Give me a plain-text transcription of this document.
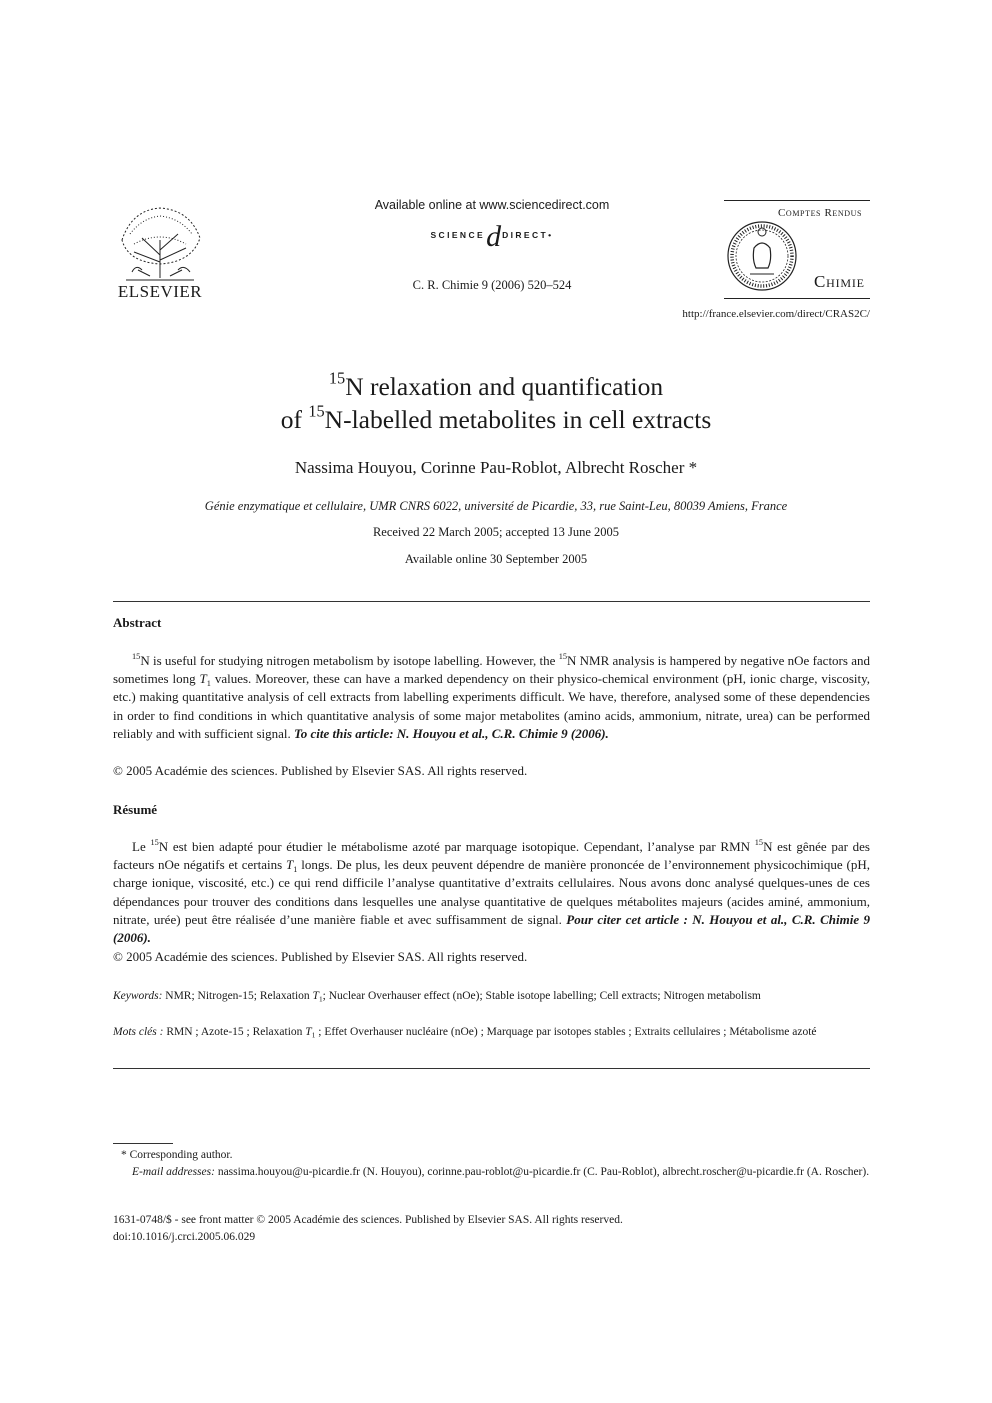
ELSEVIER
Available online at www.sciencedirect.com
SCIENCEdDIRECT•
C. R. Chimie 9 (2006) 520–524
Comptes Rendus
Chimie
http://france.elsevier.com/direct/CRAS2C/
$^{15}$N relaxation and quantification
of $^{15}$N-labelled metabolites in cell extracts
Nassima Houyou, Corinne Pau-Roblot, Albrecht Roscher *
Génie enzymatique et cellulaire, UMR CNRS 6022, université de Picardie, 33, rue Saint-Leu, 80039 Amiens, France
Received 22 March 2005; accepted 13 June 2005
Available online 30 September 2005
Abstract
$^{15}$N is useful for studying nitrogen metabolism by isotope labelling. However, the $^{15}$N NMR analysis is hampered by negative nOe factors and sometimes long $T_1$ values. Moreover, these can have a marked dependency on their physico-chemical environment (pH, ionic charge, viscosity, etc.) making quantitative analysis of cell extracts from labelling experiments difficult. We have, therefore, analysed some of these dependencies in order to find conditions in which quantitative analysis of some major metabolites (amino acids, ammonium, nitrate, urea) can be performed reliably and with sufficient signal. To cite this article: N. Houyou et al., C.R. Chimie 9 (2006).
© 2005 Académie des sciences. Published by Elsevier SAS. All rights reserved.
Résumé
Le $^{15}$N est bien adapté pour étudier le métabolisme azoté par marquage isotopique. Cependant, l’analyse par RMN $^{15}$N est gênée par des facteurs nOe négatifs et certains $T_1$ longs. De plus, les deux peuvent dépendre de manière prononcée de l’environnement physicochimique (pH, charge ionique, viscosité, etc.) ce qui rend difficile l’analyse quantitative d’extraits cellulaires. Nous avons donc analysé quelques-unes de ces dépendances pour trouver des conditions dans lesquelles une analyse quantitative de quelques métabolites majeurs (acides aminé, ammonium, nitrate, urée) peut être réalisée d’une manière fiable et avec suffisamment de signal. Pour citer cet article : N. Houyou et al., C.R. Chimie 9 (2006).
© 2005 Académie des sciences. Published by Elsevier SAS. All rights reserved.
Keywords: NMR; Nitrogen-15; Relaxation $T_1$; Nuclear Overhauser effect (nOe); Stable isotope labelling; Cell extracts; Nitrogen metabolism
Mots clés : RMN ; Azote-15 ; Relaxation $T_1$ ; Effet Overhauser nucléaire (nOe) ; Marquage par isotopes stables ; Extraits cellulaires ; Métabolisme azoté
* Corresponding author.
E-mail addresses: nassima.houyou@u-picardie.fr (N. Houyou), corinne.pau-roblot@u-picardie.fr (C. Pau-Roblot), albrecht.roscher@u-picardie.fr (A. Roscher).
1631-0748/$ - see front matter © 2005 Académie des sciences. Published by Elsevier SAS. All rights reserved.
doi:10.1016/j.crci.2005.06.029
